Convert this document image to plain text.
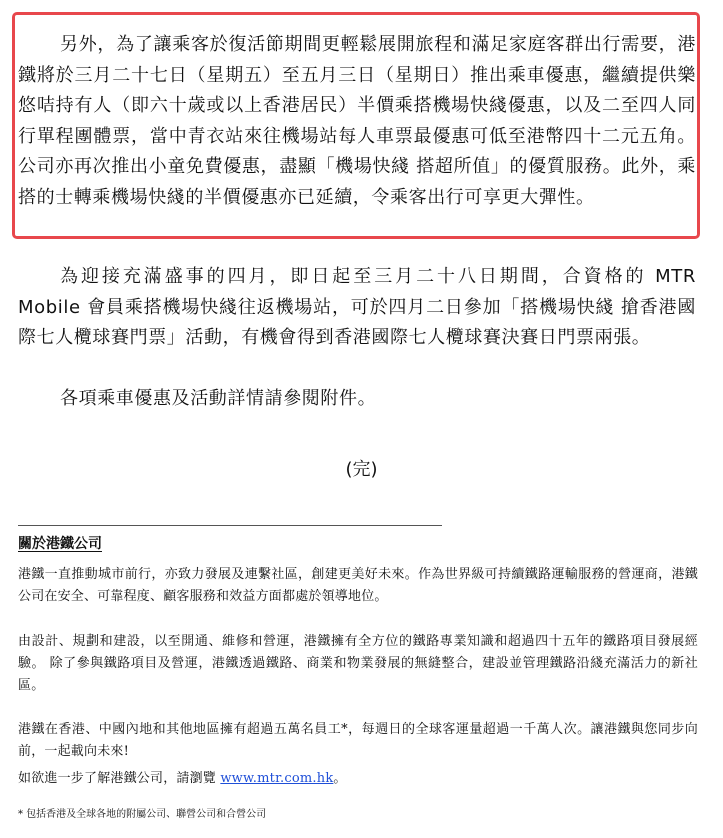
另外，為了讓乘客於復活節期間更輕鬆展開旅程和滿足家庭客群出行需要，港鐵將於三月二十七日（星期五）至五月三日（星期日）推出乘車優惠，繼續提供樂悠咭持有人（即六十歲或以上香港居民）半價乘搭機場快綫優惠，以及二至四人同行單程團體票，當中青衣站來往機場站每人車票最優惠可低至港幣四十二元五角。公司亦再次推出小童免費優惠，盡顯「機場快綫 搭超所值」的優質服務。此外，乘搭的士轉乘機場快綫的半價優惠亦已延續，令乘客出行可享更大彈性。

為迎接充滿盛事的四月，即日起至三月二十八日期間，合資格的 MTR Mobile 會員乘搭機場快綫往返機場站，可於四月二日參加「搭機場快綫 搶香港國際七人欖球賽門票」活動，有機會得到香港國際七人欖球賽決賽日門票兩張。

各項乘車優惠及活動詳情請參閱附件。

(完)

關於港鐵公司

港鐵一直推動城市前行，亦致力發展及連繫社區，創建更美好未來。作為世界級可持續鐵路運輸服務的營運商，港鐵公司在安全、可靠程度、顧客服務和效益方面都處於領導地位。

由設計、規劃和建設，以至開通、維修和營運，港鐵擁有全方位的鐵路專業知識和超過四十五年的鐵路項目發展經驗。 除了參與鐵路項目及營運，港鐵透過鐵路、商業和物業發展的無縫整合，建設並管理鐵路沿綫充滿活力的新社區。

港鐵在香港、中國內地和其他地區擁有超過五萬名員工*，每週日的全球客運量超過一千萬人次。讓港鐵與您同步向前，一起載向未來!

如欲進一步了解港鐵公司，請瀏覽 www.mtr.com.hk。

* 包括香港及全球各地的附屬公司、聯營公司和合營公司
